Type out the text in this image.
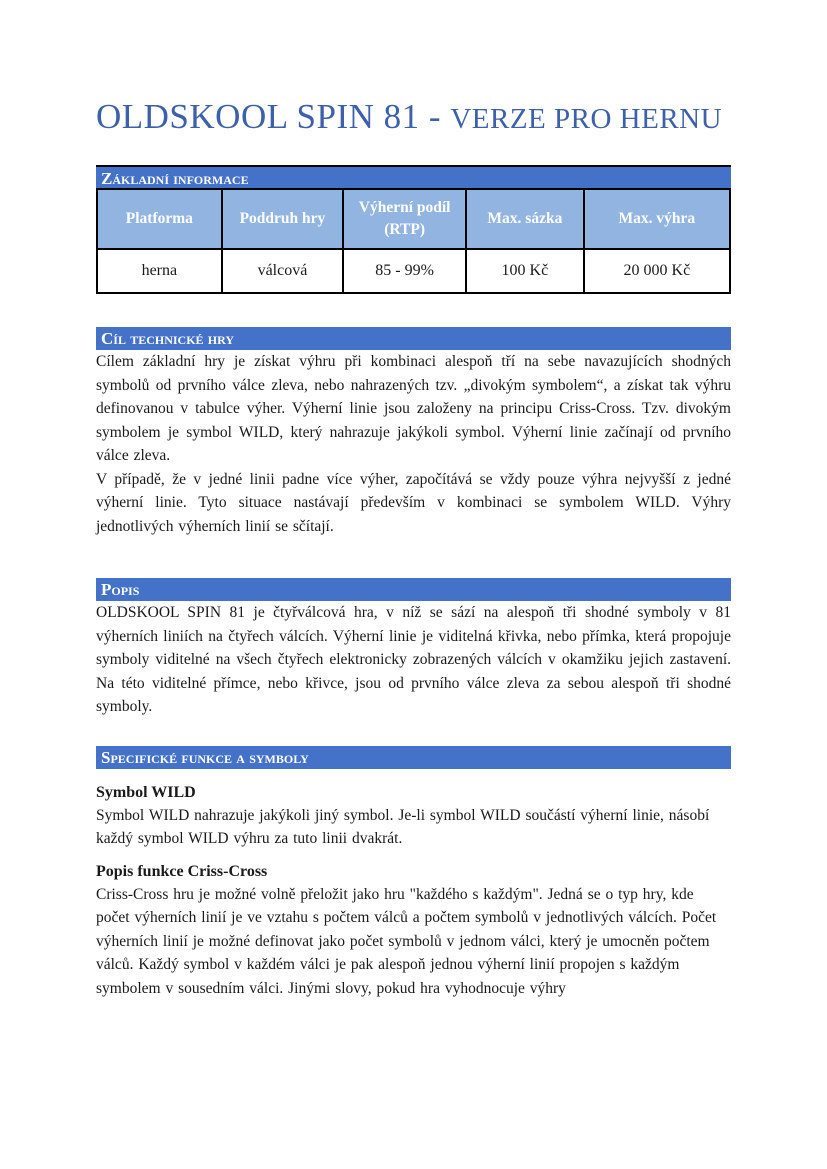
OLDSKOOL SPIN 81 - VERZE PRO HERNU
Základní informace
Platforma	Poddruh hry	Výherní podíl (RTP)	Max. sázka	Max. výhra
herna	válcová	85 - 99%	100 Kč	20 000 Kč
Cíl technické hry

Cílem základní hry je získat výhru při kombinaci alespoň tří na sebe navazujících shodných symbolů od prvního válce zleva, nebo nahrazených tzv. „divokým symbolem“, a získat tak výhru definovanou v tabulce výher. Výherní linie jsou založeny na principu Criss-Cross. Tzv. divokým symbolem je symbol WILD, který nahrazuje jakýkoli symbol. Výherní linie začínají od prvního válce zleva.

V případě, že v jedné linii padne více výher, započítává se vždy pouze výhra nejvyšší z jedné výherní linie. Tyto situace nastávají především v kombinaci se symbolem WILD. Výhry jednotlivých výherních linií se sčítají.

Popis

OLDSKOOL SPIN 81 je čtyřválcová hra, v níž se sází na alespoň tři shodné symboly v 81 výherních liniích na čtyřech válcích. Výherní linie je viditelná křivka, nebo přímka, která propojuje symboly viditelné na všech čtyřech elektronicky zobrazených válcích v okamžiku jejich zastavení. Na této viditelné přímce, nebo křivce, jsou od prvního válce zleva za sebou alespoň tři shodné symboly.

Specifické funkce a symboly
Symbol WILD

Symbol WILD nahrazuje jakýkoli jiný symbol. Je-li symbol WILD součástí výherní linie, násobí každý symbol WILD výhru za tuto linii dvakrát.

Popis funkce Criss-Cross

Criss-Cross hru je možné volně přeložit jako hru "každého s každým". Jedná se o typ hry, kde počet výherních linií je ve vztahu s počtem válců a počtem symbolů v jednotlivých válcích. Počet výherních linií je možné definovat jako počet symbolů v jednom válci, který je umocněn počtem válců. Každý symbol v každém válci je pak alespoň jednou výherní linií propojen s každým symbolem v sousedním válci. Jinými slovy, pokud hra vyhodnocuje výhry
